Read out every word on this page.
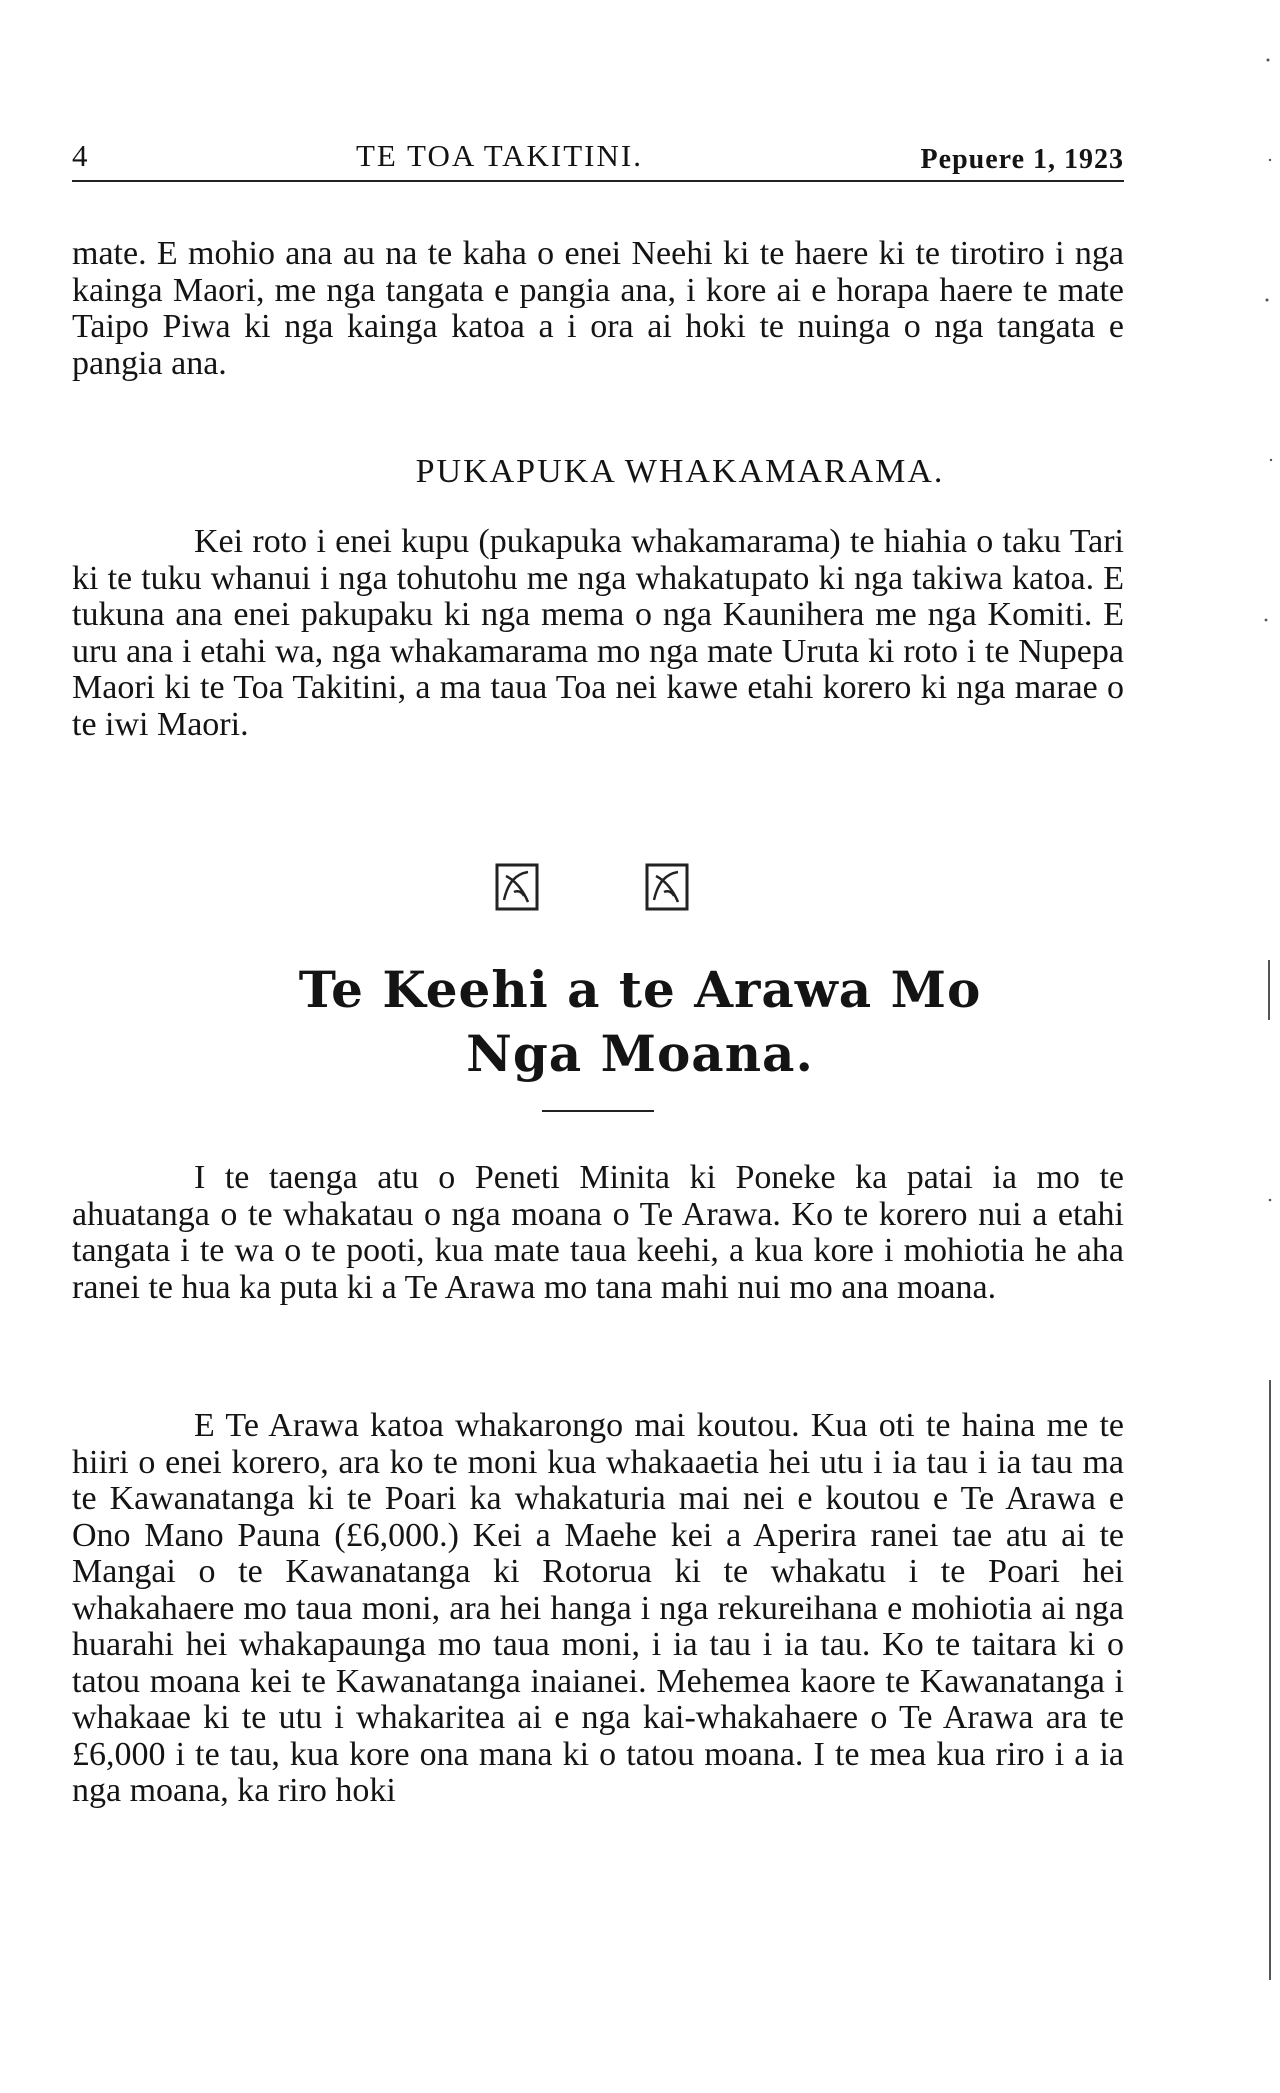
4	TE TOA TAKITINI.	Pepuere 1, 1923

mate. E mohio ana au na te kaha o enei Neehi ki te haere ki te tirotiro i nga kainga Maori, me nga tangata e pangia ana, i kore ai e horapa haere te mate Taipo Piwa ki nga kainga katoa a i ora ai hoki te nuinga o nga tangata e pangia ana.

PUKAPUKA WHAKAMARAMA.

Kei roto i enei kupu (pukapuka whakamarama) te hiahia o taku Tari ki te tuku whanui i nga tohutohu me nga whakatupato ki nga takiwa katoa. E tukuna ana enei pakupaku ki nga mema o nga Kaunihera me nga Komiti. E uru ana i etahi wa, nga whakamarama mo nga mate Uruta ki roto i te Nupepa Maori ki te Toa Takitini, a ma taua Toa nei kawe etahi korero ki nga marae o te iwi Maori.

Te Keehi a te Arawa Mo
Nga Moana.

I te taenga atu o Peneti Minita ki Poneke ka patai ia mo te ahuatanga o te whakatau o nga moana o Te Arawa. Ko te korero nui a etahi tangata i te wa o te pooti, kua mate taua keehi, a kua kore i mohiotia he aha ranei te hua ka puta ki a Te Arawa mo tana mahi nui mo ana moana.

E Te Arawa katoa whakarongo mai koutou. Kua oti te haina me te hiiri o enei korero, ara ko te moni kua whakaaetia hei utu i ia tau i ia tau ma te Kawanatanga ki te Poari ka whakaturia mai nei e koutou e Te Arawa e Ono Mano Pauna (£6,000.) Kei a Maehe kei a Aperira ranei tae atu ai te Mangai o te Kawanatanga ki Rotorua ki te whakatu i te Poari hei whakahaere mo taua moni, ara hei hanga i nga rekureihana e mohiotia ai nga huarahi hei whakapaunga mo taua moni, i ia tau i ia tau. Ko te taitara ki o tatou moana kei te Kawanatanga inaianei. Mehemea kaore te Kawanatanga i whakaae ki te utu i whakaritea ai e nga kai-whakahaere o Te Arawa ara te £6,000 i te tau, kua kore ona mana ki o tatou moana. I te mea kua riro i a ia nga moana, ka riro hoki
